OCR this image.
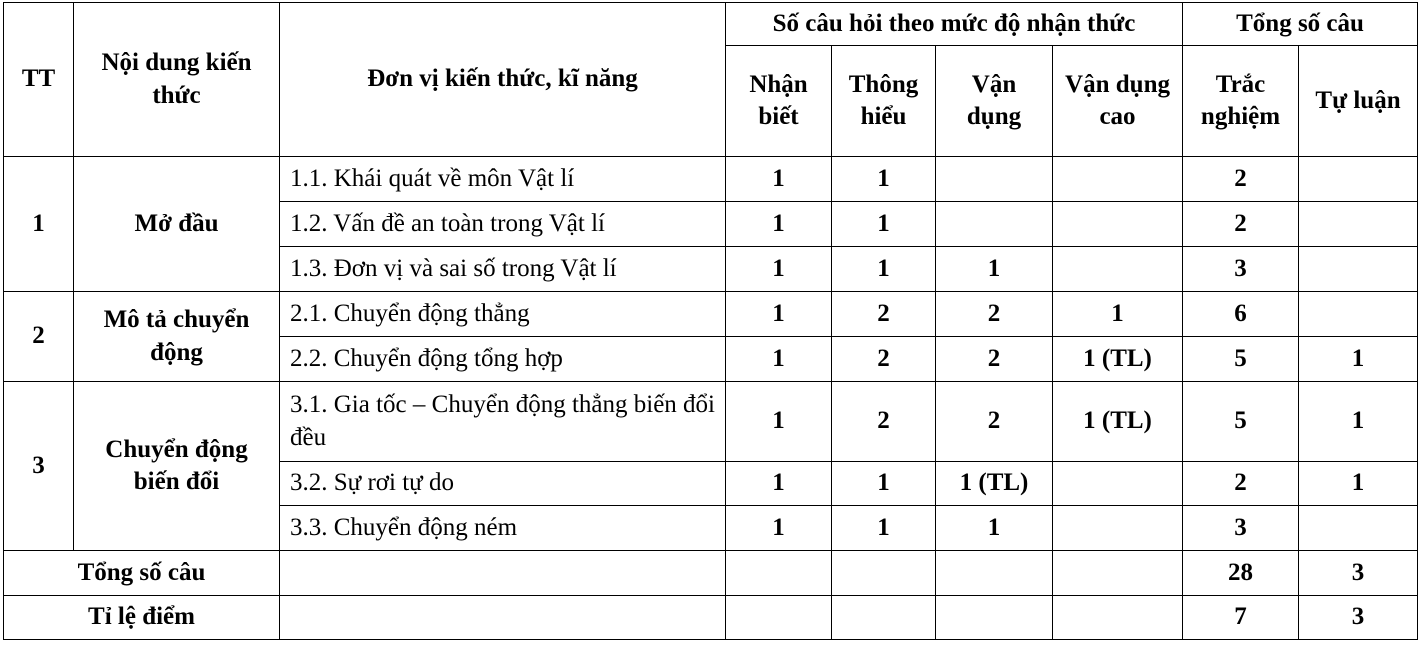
TT	Nội dung kiến thức	Đơn vị kiến thức, kĩ năng	Số câu hỏi theo mức độ nhận thức				Tổng số câu	
			Nhận biết	Thông hiểu	Vận dụng	Vận dụng cao	Trắc nghiệm	Tự luận
1	Mở đầu	1.1. Khái quát về môn Vật lí	1	1			2	
		1.2. Vấn đề an toàn trong Vật lí	1	1			2	
		1.3. Đơn vị và sai số trong Vật lí	1	1	1		3	
2	Mô tả chuyển động	2.1. Chuyển động thẳng	1	2	2	1	6	
		2.2. Chuyển động tổng hợp	1	2	2	1 (TL)	5	1
3	Chuyển động biến đổi	3.1. Gia tốc – Chuyển động thẳng biến đổi đều	1	2	2	1 (TL)	5	1
		3.2. Sự rơi tự do	1	1	1 (TL)		2	1
		3.3. Chuyển động ném	1	1	1		3	
Tổng số câu							28	3
Tỉ lệ điểm							7	3
